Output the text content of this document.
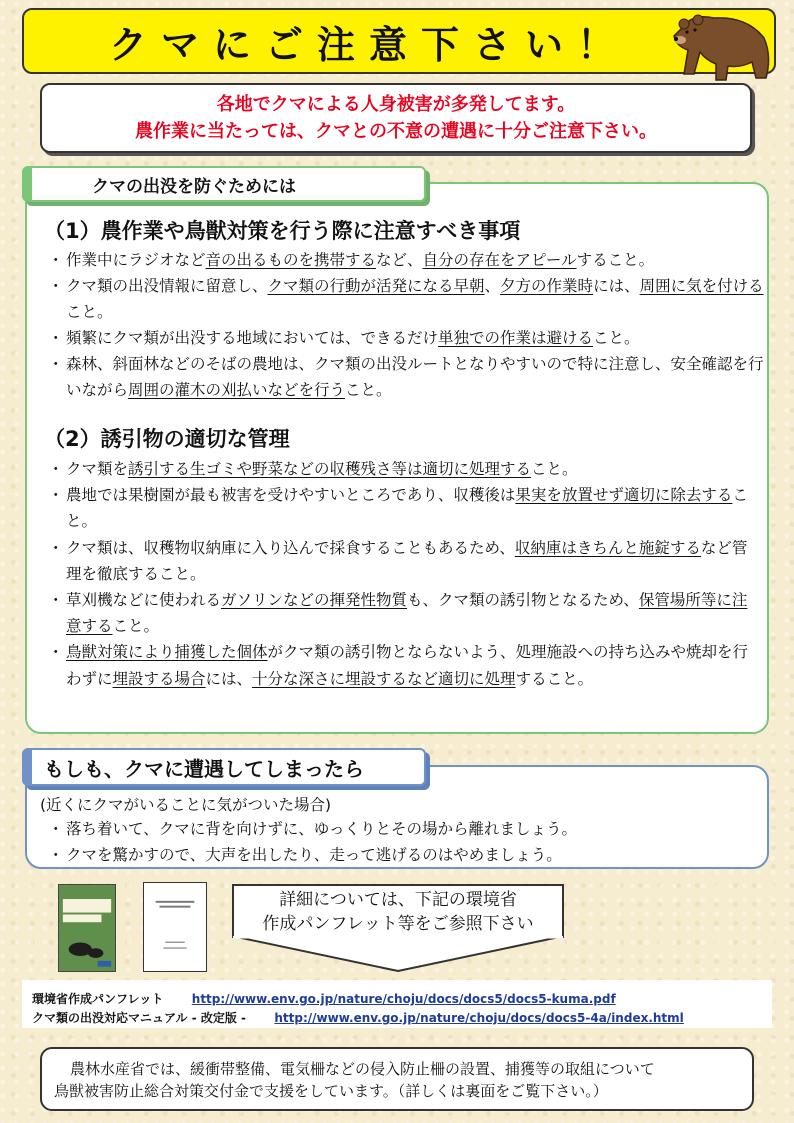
クマにご注意下さい！
各地でクマによる人身被害が多発してます。
農作業に当たっては、クマとの不意の遭遇に十分ご注意下さい。
クマの出没を防ぐためには
（1）農作業や鳥獣対策を行う際に注意すべき事項
・ 作業中にラジオなど音の出るものを携帯するなど、自分の存在をアピールすること。
・ クマ類の出没情報に留意し、クマ類の行動が活発になる早朝、夕方の作業時には、周囲に気を付けること。
・ 頻繁にクマ類が出没する地域においては、できるだけ単独での作業は避けること。
・ 森林、斜面林などのそばの農地は、クマ類の出没ルートとなりやすいので特に注意し、安全確認を行いながら周囲の灌木の刈払いなどを行うこと。
（2）誘引物の適切な管理
・ クマ類を誘引する生ゴミや野菜などの収穫残さ等は適切に処理すること。
・ 農地では果樹園が最も被害を受けやすいところであり、収穫後は果実を放置せず適切に除去すること。
・ クマ類は、収穫物収納庫に入り込んで採食することもあるため、収納庫はきちんと施錠するなど管理を徹底すること。
・ 草刈機などに使われるガソリンなどの揮発性物質も、クマ類の誘引物となるため、保管場所等に注意すること。
・ 鳥獣対策により捕獲した個体がクマ類の誘引物とならないよう、処理施設への持ち込みや焼却を行わずに埋設する場合には、十分な深さに埋設するなど適切に処理すること。
もしも、クマに遭遇してしまったら
(近くにクマがいることに気がついた場合)
・ 落ち着いて、クマに背を向けずに、ゆっくりとその場から離れましょう。
・ クマを驚かすので、大声を出したり、走って逃げるのはやめましょう。
詳細については、下記の環境省
作成パンフレット等をご参照下さい
環境省作成パンフレット http://www.env.go.jp/nature/choju/docs/docs5/docs5-kuma.pdf
クマ類の出没対応マニュアル - 改定版 - http://www.env.go.jp/nature/choju/docs/docs5-4a/index.html
農林水産省では、緩衝帯整備、電気柵などの侵入防止柵の設置、捕獲等の取組について
鳥獣被害防止総合対策交付金で支援をしています。（詳しくは裏面をご覧下さい。）
